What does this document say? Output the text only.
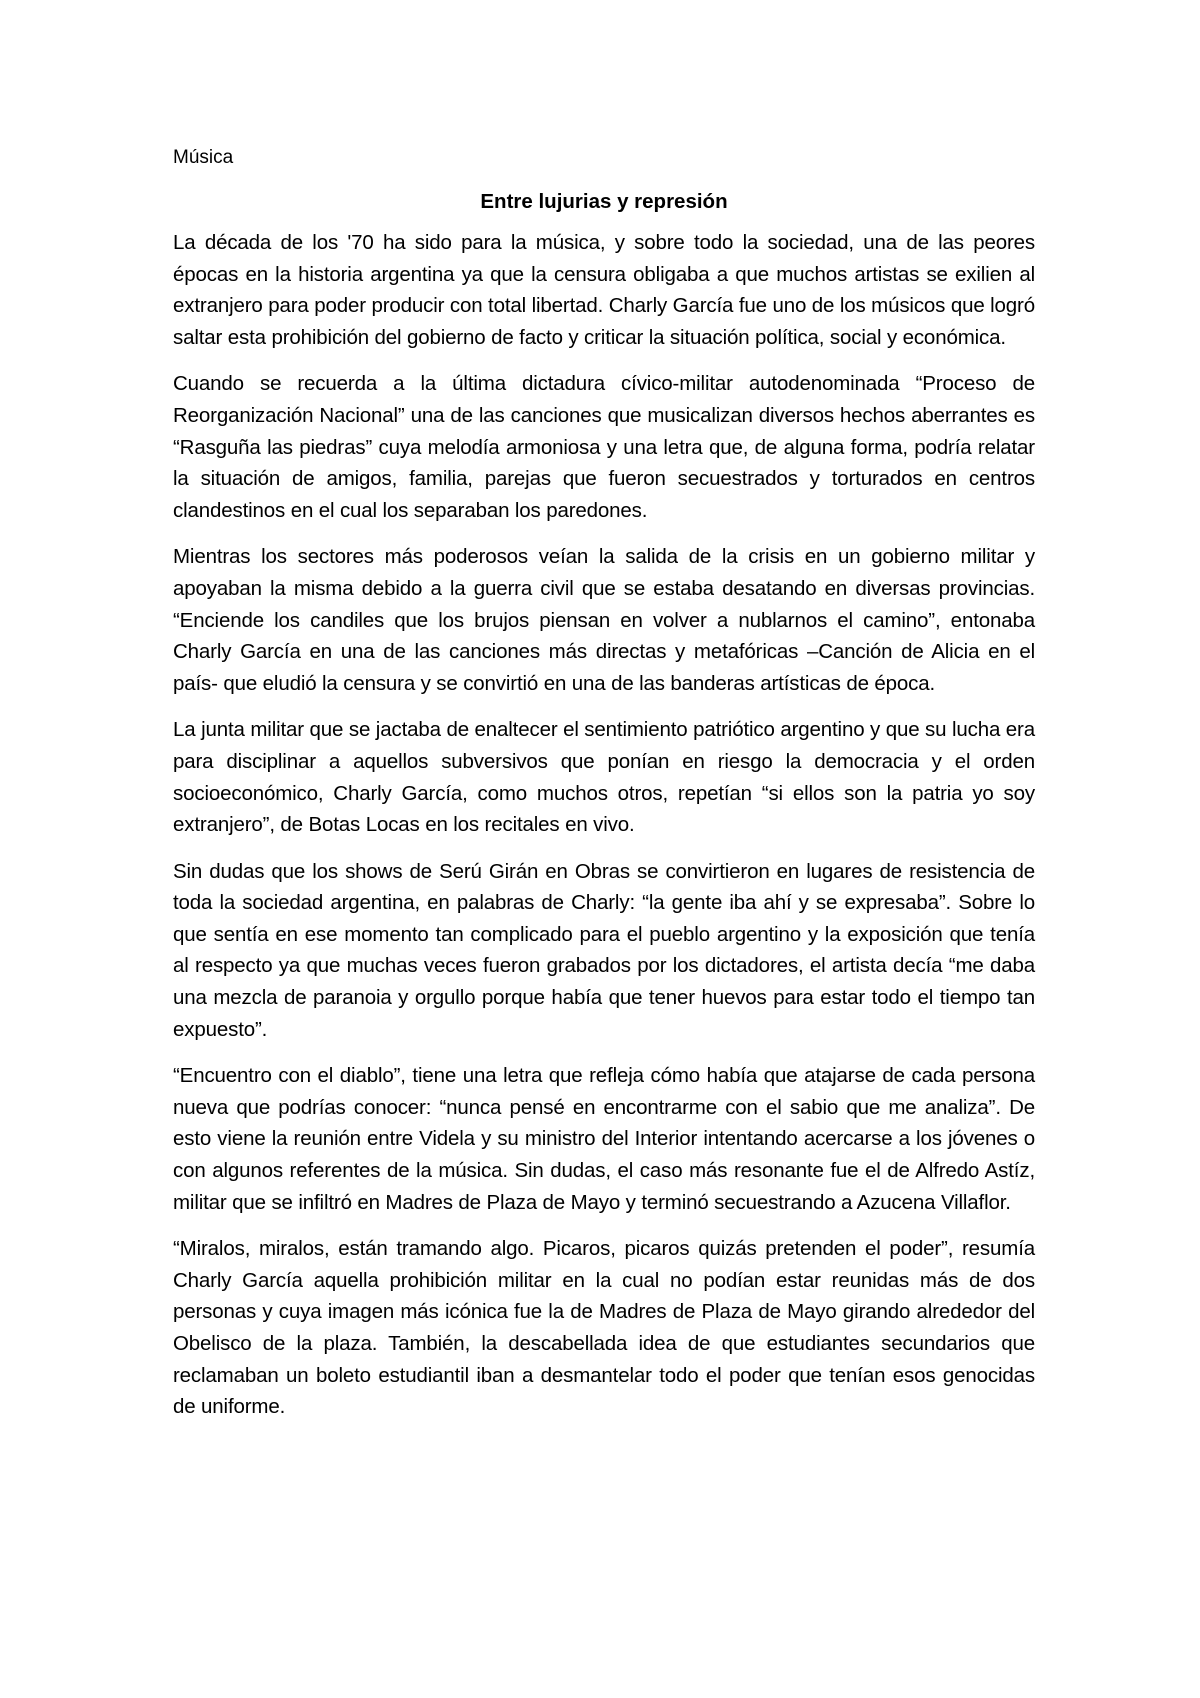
Música
Entre lujurias y represión

La década de los '70 ha sido para la música, y sobre todo la sociedad, una de las peores épocas en la historia argentina ya que la censura obligaba a que muchos artistas se exilien al extranjero para poder producir con total libertad. Charly García fue uno de los músicos que logró saltar esta prohibición del gobierno de facto y criticar la situación política, social y económica.

Cuando se recuerda a la última dictadura cívico-militar autodenominada “Proceso de Reorganización Nacional” una de las canciones que musicalizan diversos hechos aberrantes es “Rasguña las piedras” cuya melodía armoniosa y una letra que, de alguna forma, podría relatar la situación de amigos, familia, parejas que fueron secuestrados y torturados en centros clandestinos en el cual los separaban los paredones.

Mientras los sectores más poderosos veían la salida de la crisis en un gobierno militar y apoyaban la misma debido a la guerra civil que se estaba desatando en diversas provincias. “Enciende los candiles que los brujos piensan en volver a nublarnos el camino”, entonaba Charly García en una de las canciones más directas y metafóricas –Canción de Alicia en el país- que eludió la censura y se convirtió en una de las banderas artísticas de época.

La junta militar que se jactaba de enaltecer el sentimiento patriótico argentino y que su lucha era para disciplinar a aquellos subversivos que ponían en riesgo la democracia y el orden socioeconómico, Charly García, como muchos otros, repetían “si ellos son la patria yo soy extranjero”, de Botas Locas en los recitales en vivo.

Sin dudas que los shows de Serú Girán en Obras se convirtieron en lugares de resistencia de toda la sociedad argentina, en palabras de Charly: “la gente iba ahí y se expresaba”. Sobre lo que sentía en ese momento tan complicado para el pueblo argentino y la exposición que tenía al respecto ya que muchas veces fueron grabados por los dictadores, el artista decía “me daba una mezcla de paranoia y orgullo porque había que tener huevos para estar todo el tiempo tan expuesto”.

“Encuentro con el diablo”, tiene una letra que refleja cómo había que atajarse de cada persona nueva que podrías conocer: “nunca pensé en encontrarme con el sabio que me analiza”. De esto viene la reunión entre Videla y su ministro del Interior intentando acercarse a los jóvenes o con algunos referentes de la música. Sin dudas, el caso más resonante fue el de Alfredo Astíz, militar que se infiltró en Madres de Plaza de Mayo y terminó secuestrando a Azucena Villaflor.

“Miralos, miralos, están tramando algo. Picaros, picaros quizás pretenden el poder”, resumía Charly García aquella prohibición militar en la cual no podían estar reunidas más de dos personas y cuya imagen más icónica fue la de Madres de Plaza de Mayo girando alrededor del Obelisco de la plaza. También, la descabellada idea de que estudiantes secundarios que reclamaban un boleto estudiantil iban a desmantelar todo el poder que tenían esos genocidas de uniforme.
